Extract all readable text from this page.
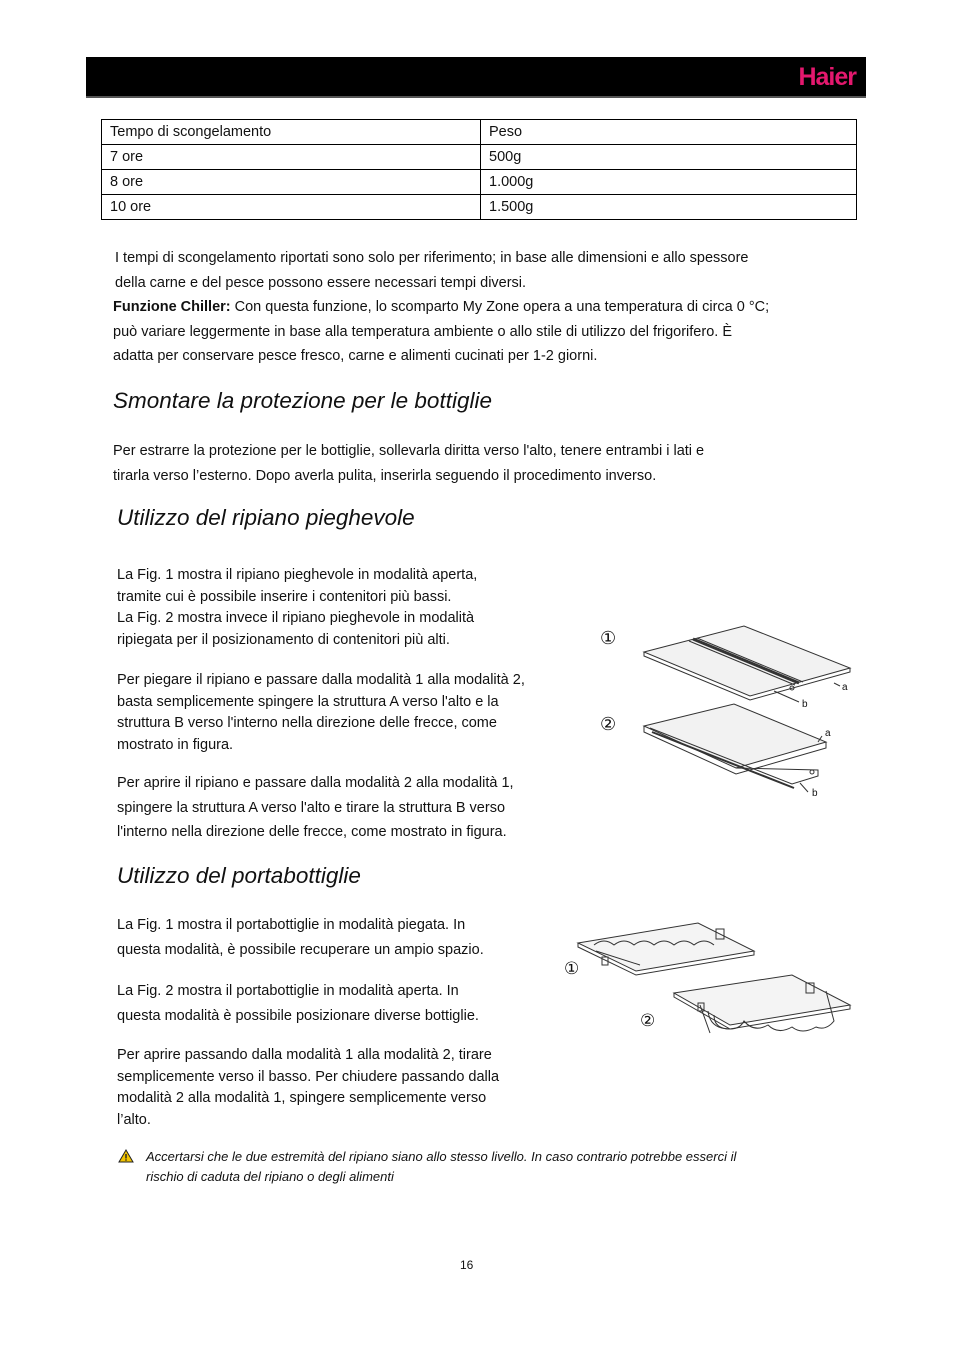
Haier
Tempo di scongelamento	Peso
7 ore	500g
8 ore	1.000g
10 ore	1.500g
I tempi di scongelamento riportati sono solo per riferimento; in base alle dimensioni e allo spessore
della carne e del pesce possono essere necessari tempi diversi.
Funzione Chiller: Con questa funzione, lo scomparto My Zone opera a una temperatura di circa 0 °C;
può variare leggermente in base alla temperatura ambiente o allo stile di utilizzo del frigorifero. È
adatta per conservare pesce fresco, carne e alimenti cucinati per 1-2 giorni.
Smontare la protezione per le bottiglie
Per estrarre la protezione per le bottiglie, sollevarla diritta verso l'alto, tenere entrambi i lati e
tirarla verso l’esterno. Dopo averla pulita, inserirla seguendo il procedimento inverso.
Utilizzo del ripiano pieghevole
La Fig. 1 mostra il ripiano pieghevole in modalità aperta,
tramite cui è possibile inserire i contenitori più bassi.
La Fig. 2 mostra invece il ripiano pieghevole in modalità
ripiegata per il posizionamento di contenitori più alti.
Per piegare il ripiano e passare dalla modalità 1 alla modalità 2,
basta semplicemente spingere la struttura A verso l'alto e la
struttura B verso l'interno nella direzione delle frecce, come
mostrato in figura.
Per aprire il ripiano e passare dalla modalità 2 alla modalità 1,
spingere la struttura A verso l'alto e tirare la struttura B verso
l'interno nella direzione delle frecce, come mostrato in figura.
①
②
a
b
a
b
Utilizzo del portabottiglie
La Fig. 1 mostra il portabottiglie in modalità piegata. In
questa modalità, è possibile recuperare un ampio spazio.
La Fig. 2 mostra il portabottiglie in modalità aperta. In
questa modalità è possibile posizionare diverse bottiglie.
Per aprire passando dalla modalità 1 alla modalità 2, tirare
semplicemente verso il basso. Per chiudere passando dalla
modalità 2 alla modalità 1, spingere semplicemente verso
l’alto.
①
②
Accertarsi che le due estremità del ripiano siano allo stesso livello. In caso contrario potrebbe esserci il
rischio di caduta del ripiano o degli alimenti
16
